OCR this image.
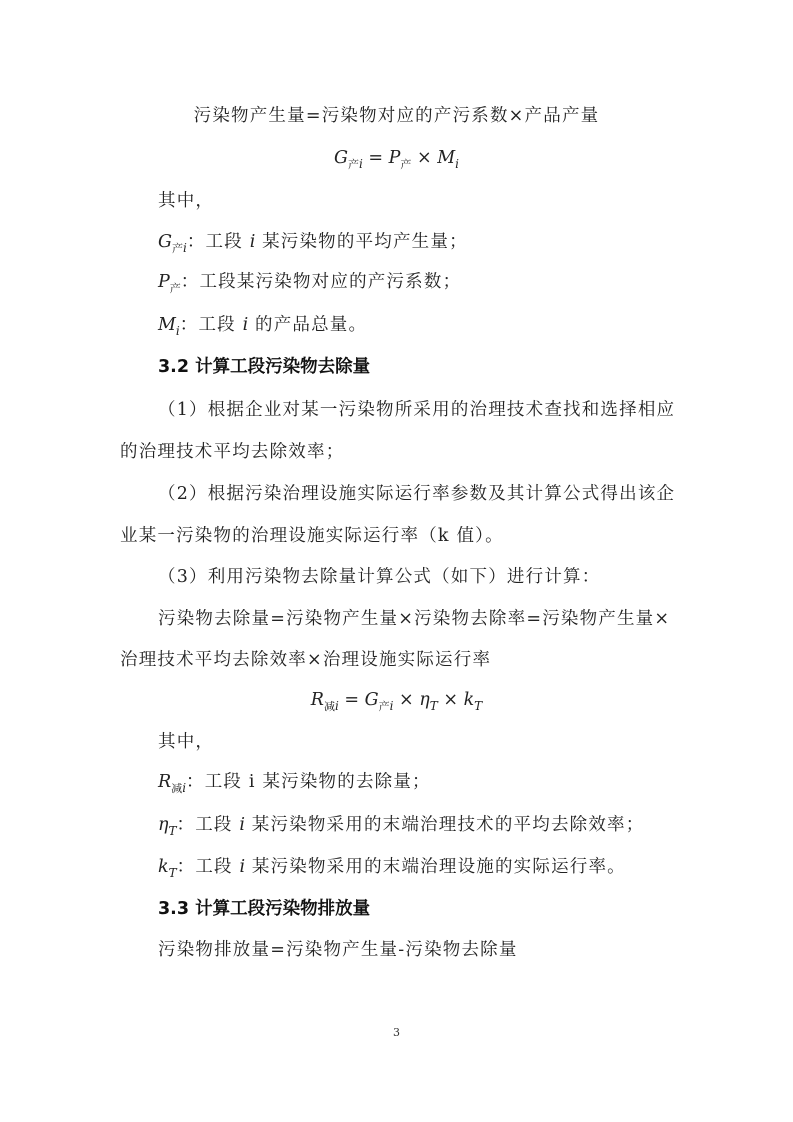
污染物产生量=污染物对应的产污系数×产品产量
$G_{产i} = P_产 \times M_i$
其中，
$G_{产i}$：工段 i 某污染物的平均产生量；
$P_产$：工段某污染物对应的产污系数；
$M_i$：工段 i 的产品总量。
3.2 计算工段污染物去除量
（1）根据企业对某一污染物所采用的治理技术查找和选择相应
的治理技术平均去除效率；
（2）根据污染治理设施实际运行率参数及其计算公式得出该企
业某一污染物的治理设施实际运行率（k 值）。
（3）利用污染物去除量计算公式（如下）进行计算：
污染物去除量=污染物产生量×污染物去除率=污染物产生量×
治理技术平均去除效率×治理设施实际运行率
$R_{减i} = G_{产i} \times \eta_T \times k_T$
其中，
$R_{减i}$：工段 i 某污染物的去除量；
$\eta_T$：工段 i 某污染物采用的末端治理技术的平均去除效率；
$k_T$：工段 i 某污染物采用的末端治理设施的实际运行率。
3.3 计算工段污染物排放量
污染物排放量=污染物产生量-污染物去除量
3
